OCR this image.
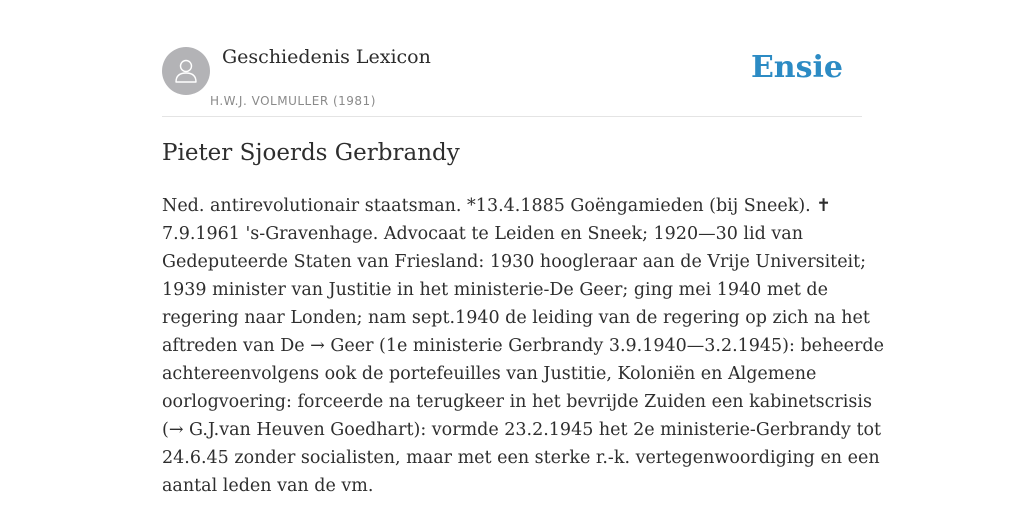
Geschiedenis Lexicon
H.W.J. VOLMULLER (1981)
Ensie
Pieter Sjoerds Gerbrandy
Ned. antirevolutionair staatsman. *13.4.1885 Goëngamieden (bij Sneek). ✝
7.9.1961 's-Gravenhage. Advocaat te Leiden en Sneek; 1920—30 lid van
Gedeputeerde Staten van Friesland: 1930 hoogleraar aan de Vrije Universiteit;
1939 minister van Justitie in het ministerie-De Geer; ging mei 1940 met de
regering naar Londen; nam sept.1940 de leiding van de regering op zich na het
aftreden van De → Geer (1e ministerie Gerbrandy 3.9.1940—3.2.1945): beheerde
achtereenvolgens ook de portefeuilles van Justitie, Koloniën en Algemene
oorlogvoering: forceerde na terugkeer in het bevrijde Zuiden een kabinetscrisis
(→ G.J.van Heuven Goedhart): vormde 23.2.1945 het 2e ministerie-Gerbrandy tot
24.6.45 zonder socialisten, maar met een sterke r.-k. vertegenwoordiging en een
aantal leden van de vm.
